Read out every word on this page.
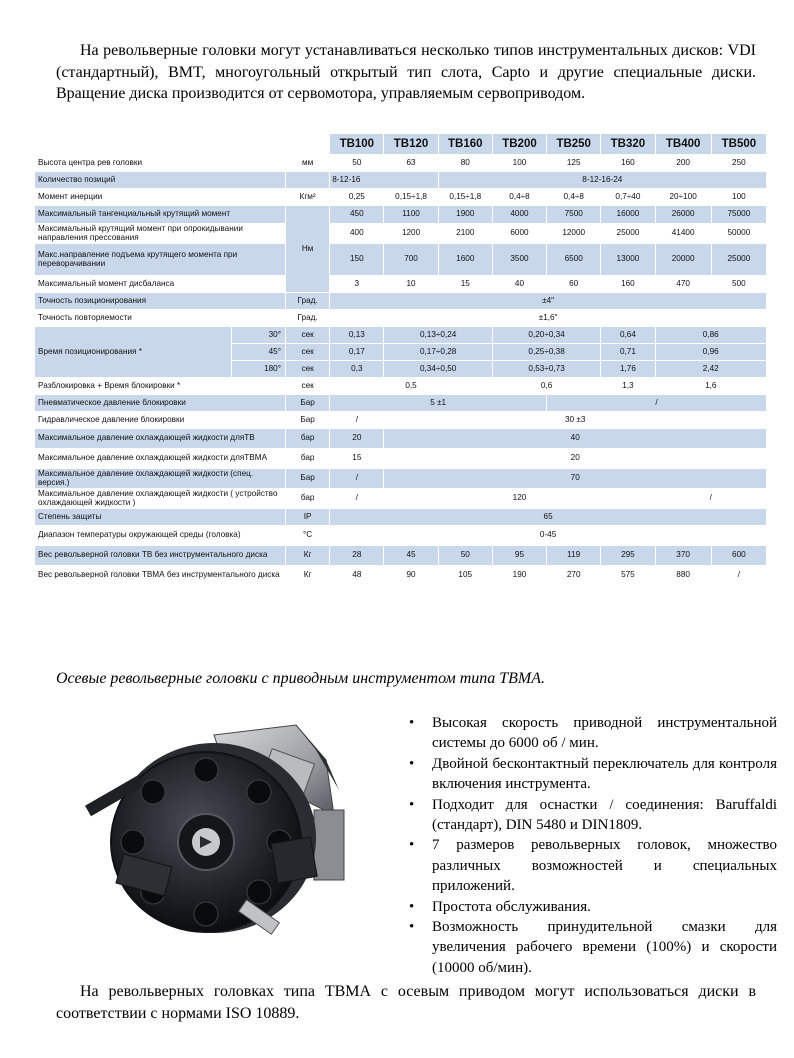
На револьверные головки могут устанавливаться несколько типов инструментальных дисков: VDI (стандартный), BMT, многоугольный открытый тип слота, Capto и другие специальные диски. Вращение диска производится от сервомотора, управляемым сервоприводом.

			TB100	TB120	TB160	TB200	TB250	TB320	TB400	TB500
Высота центра рев головки		мм	50	63	80	100	125	160	200	250
Количество позиций			8-12-16		8-12-16-24					
Момент инерции		Кгм²	0,25	0,15÷1,8	0,15÷1,8	0,4÷8	0,4÷8	0,7÷40	20÷100	100
Максимальный тангенциальный крутящий момент		Нм	450	1100	1900	4000	7500	16000	26000	75000
Максимальный крутящий момент при опрокидывании направления прессования			400	1200	2100	6000	12000	25000	41400	50000
Макс.направление подъема крутящего момента при переворачивании			150	700	1600	3500	6500	13000	20000	25000
Максимальный момент дисбаланса			3	10	15	40	60	160	470	500
Точность позиционирования		Град.	±4"							
Точность повторяемости		Град.	±1,6"							
Время позиционирования *	30°	сек	0,13	0,13÷0,24		0,20÷0,34		0,64	0,86	
	45°	сек	0,17	0,17÷0,28		0,25÷0,38		0,71	0,96	
	180°	сек	0,3	0,34÷0,50		0,53÷0,73		1,76	2,42	
Разблокировка + Время блокировки *		сек	0,5			0,6		1,3	1,6	
Пневматическое давление блокировки		Бар	5 ±1				/			
Гидравлическое давление блокировки		Бар	/	30 ±3						
Максимальное давление охлаждающей жидкости дляТВ		бар	20	40						
Максимальное давление охлаждающей жидкости дляТВМА		бар	15	20						
Максимальное давление охлаждающей жидкости (спец. версия.)		Бар	/	70						
Максимальное давление охлаждающей жидкости ( устройство охлаждающей жидкости )		бар	/	120					/	
Степень защиты		IP	65							
Диапазон температуры окружающей среды (головка)		°C	0-45							
Вес револьверной головки ТВ без инструментального диска		Кг	28	45	50	95	119	295	370	600
Вес револьверной головки ТВМА без инструментального диска		Кг	48	90	105	190	270	575	880	/

Осевые револьверные головки с приводным инструментом типа ТВМА.

• Высокая скорость приводной инструментальной системы до 6000 об / мин.
• Двойной бесконтактный переключатель для контроля включения инструмента.
• Подходит для оснастки / соединения: Baruffaldi (стандарт), DIN 5480 и DIN1809.
• 7 размеров револьверных головок, множество различных возможностей и специальных приложений.
• Простота обслуживания.
• Возможность принудительной смазки для увеличения рабочего времени (100%) и скорости (10000 об/мин).

На револьверных головках типа ТВМА с осевым приводом могут использоваться диски в соответствии с нормами ISO 10889.
